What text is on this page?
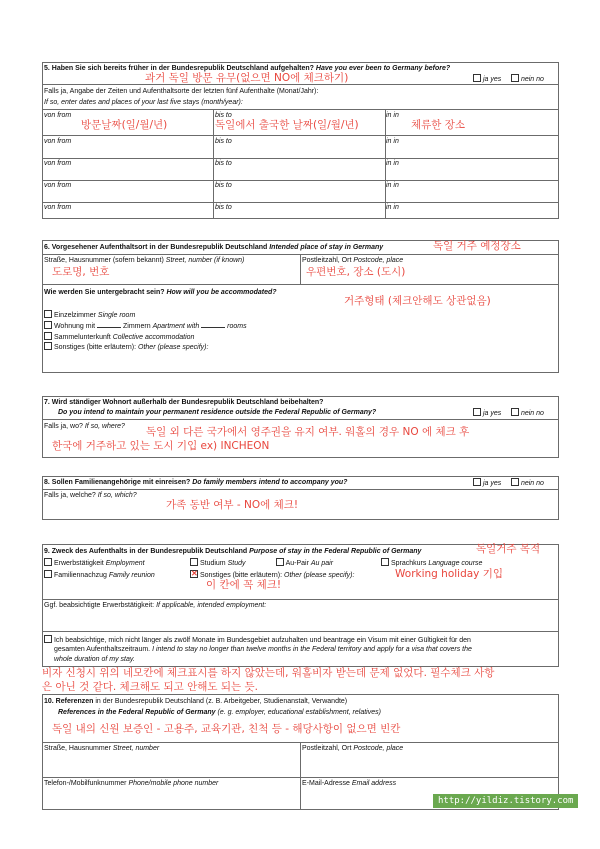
5. Haben Sie sich bereits früher in der Bundesrepublik Deutschland aufgehalten? Have you ever been to Germany before?
과거 독일 방문 유무(없으면 NO에 체크하기)	ja yes	nein no
Falls ja, Angabe der Zeiten und Aufenthaltsorte der letzten fünf Aufenthalte (Monat/Jahr):
If so, enter dates and places of your last five stays (month/year):
von from	bis to	in in
방문날짜(일/월/년)	독일에서 출국한 날짜(일/월/년)	체류한 장소
von from	bis to	in in
von from	bis to	in in
von from	bis to	in in
von from	bis to	in in
6. Vorgesehener Aufenthaltsort in der Bundesrepublik Deutschland Intended place of stay in Germany	독일 거주 예정장소
Straße, Hausnummer (sofern bekannt) Street, number (if known)
도로명, 번호
Postleitzahl, Ort Postcode, place
우편번호, 장소 (도시)
Wie werden Sie untergebracht sein? How will you be accommodated?
거주형태 (체크안해도 상관없음)
Einzelzimmer Single room
Wohnung mit	Zimmern Apartment with	rooms
Sammelunterkunft Collective accommodation
Sonstiges (bitte erläutern): Other (please specify):
7. Wird ständiger Wohnort außerhalb der Bundesrepublik Deutschland beibehalten?
Do you intend to maintain your permanent residence outside the Federal Republic of Germany?	ja yes	nein no
Falls ja, wo? If so, where? 독일 외 다른 국가에서 영주권을 유지 여부. 워홀의 경우 NO 에 체크 후
한국에 거주하고 있는 도시 기입 ex) INCHEON
8. Sollen Familienangehörige mit einreisen? Do family members intend to accompany you?	ja yes	nein no
Falls ja, welche? If so, which?
가족 동반 여부 - NO에 체크!
9. Zweck des Aufenthalts in der Bundesrepublik Deutschland Purpose of stay in the Federal Republic of Germany	독일거주 목적
Erwerbstätigkeit Employment	Studium Study	Au-Pair Au pair	Sprachkurs Language course
Familiennachzug Family reunion
✕	Sonstiges (bitte erläutern): Other (please specify):	Working holiday 기입
이 칸에 꼭 체크!
Ggf. beabsichtigte Erwerbstätigkeit: If applicable, intended employment:
Ich beabsichtige, mich nicht länger als zwölf Monate im Bundesgebiet aufzuhalten und beantrage ein Visum mit einer Gültigkeit für den
gesamten Aufenthaltszeitraum. I intend to stay no longer than twelve months in the Federal territory and apply for a visa that covers the
whole duration of my stay.
비자 신청시 위의 네모칸에 체크표시를 하지 않았는데, 워홀비자 받는데 문제 없었다. 필수체크 사항
은 아닌 것 같다. 체크해도 되고 안해도 되는 듯.
10. Referenzen in der Bundesrepublik Deutschland (z. B. Arbeitgeber, Studienanstalt, Verwandte)
References in the Federal Republic of Germany (e. g. employer, educational establishment, relatives)
독일 내의 신원 보증인 - 고용주, 교육기관, 친척 등 - 해당사항이 없으면 빈칸
Straße, Hausnummer Street, number	Postleitzahl, Ort Postcode, place
Telefon-/Mobilfunknummer Phone/mobile phone number	E-Mail-Adresse Email address
http://yildiz.tistory.com
